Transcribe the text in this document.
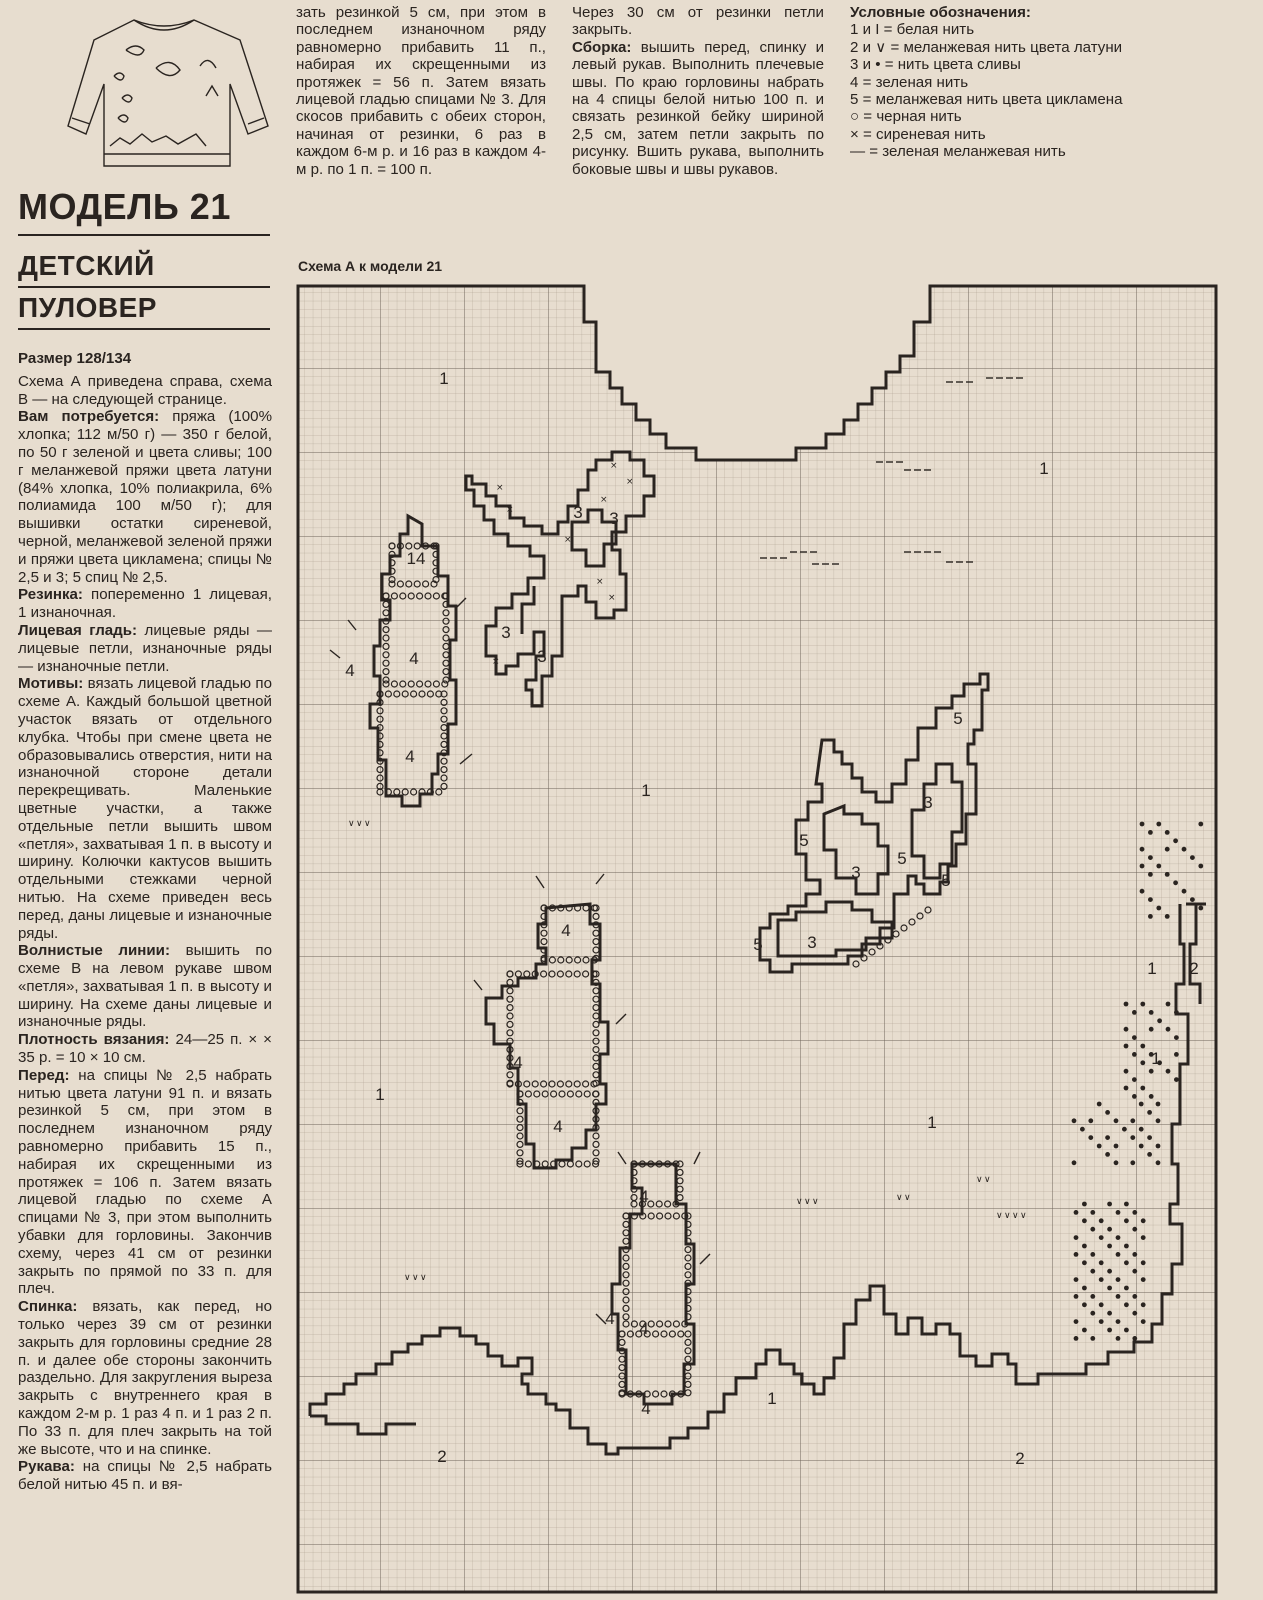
МОДЕЛЬ 21
ДЕТСКИЙ
ПУЛОВЕР

Размер 128/134

Схема А приведена справа, схема В — на следующей странице.

Вам потребуется: пряжа (100% хлопка; 112 м/50 г) — 350 г белой, по 50 г зеленой и цвета сливы; 100 г меланжевой пряжи цвета латуни (84% хлопка, 10% полиакрила, 6% полиамида 100 м/50 г); для вышивки остатки сиреневой, черной, меланжевой зеленой пряжи и пряжи цвета цикламена; спицы № 2,5 и 3; 5 спиц № 2,5.

Резинка: попеременно 1 лицевая, 1 изнаночная.

Лицевая гладь: лицевые ряды — лицевые петли, изнаночные ряды — изнаночные петли.

Мотивы: вязать лицевой гладью по схеме А. Каждый большой цветной участок вязать от отдельного клубка. Чтобы при смене цвета не образовывались отверстия, нити на изнаночной стороне детали перекрещивать. Маленькие цветные участки, а также отдельные петли вышить швом «петля», захватывая 1 п. в высоту и ширину. Колючки кактусов вышить отдельными стежками черной нитью. На схеме приведен весь перед, даны лицевые и изнаночные ряды.

Волнистые линии: вышить по схеме В на левом рукаве швом «петля», захватывая 1 п. в высоту и ширину. На схеме даны лицевые и изнаночные ряды.

Плотность вязания: 24—25 п. × × 35 р. = 10 × 10 см.

Перед: на спицы № 2,5 набрать нитью цвета латуни 91 п. и вязать резинкой 5 см, при этом в последнем изнаночном ряду равномерно прибавить 15 п., набирая их скрещенными из протяжек = 106 п. Затем вязать лицевой гладью по схеме А спицами № 3, при этом выполнить убавки для горловины. Закончив схему, через 41 см от резинки закрыть по прямой по 33 п. для плеч.

Спинка: вязать, как перед, но только через 39 см от резинки закрыть для горловины средние 28 п. и далее обе стороны закончить раздельно. Для закругления выреза закрыть с внутреннего края в каждом 2-м р. 1 раз 4 п. и 1 раз 2 п. По 33 п. для плеч закрыть на той же высоте, что и на спинке.

Рукава: на спицы № 2,5 набрать белой нитью 45 п. и вя-

зать резинкой 5 см, при этом в последнем изнаночном ряду равномерно прибавить 11 п., набирая их скрещенными из протяжек = 56 п. Затем вязать лицевой гладью спицами № 3. Для скосов прибавить с обеих сторон, начиная от резинки, 6 раз в каждом 6-м р. и 16 раз в каждом 4-м р. по 1 п. = 100 п.

Через 30 см от резинки петли закрыть.

Сборка: вышить перед, спинку и левый рукав. Выполнить плечевые швы. По краю горловины набрать на 4 спицы белой нитью 100 п. и связать резинкой бейку шириной 2,5 см, затем петли закрыть по рисунку. Вшить рукава, выполнить боковые швы и швы рукавов.

Условные обозначения:

1 и I = белая нить

2 и ∨ = меланжевая нить цвета латуни

3 и • = нить цвета сливы

4 = зеленая нить

5 = меланжевая нить цвета цикламена

○ = черная нить

× = сиреневая нить

— = зеленая меланжевая нить

Схема А к модели 21
×
×
×
×
×
×
×
×
×
∨ ∨ ∨
∨ ∨ ∨
∨ ∨ ∨	∨ ∨
∨ ∨ ∨ ∨
∨ ∨
1
1
1
1
1
1
1
1 2
2	2
3 3
3
3
3
3
3
4
4
4
4
4
4
4
4
4
4
5
5
5
5
5
14
